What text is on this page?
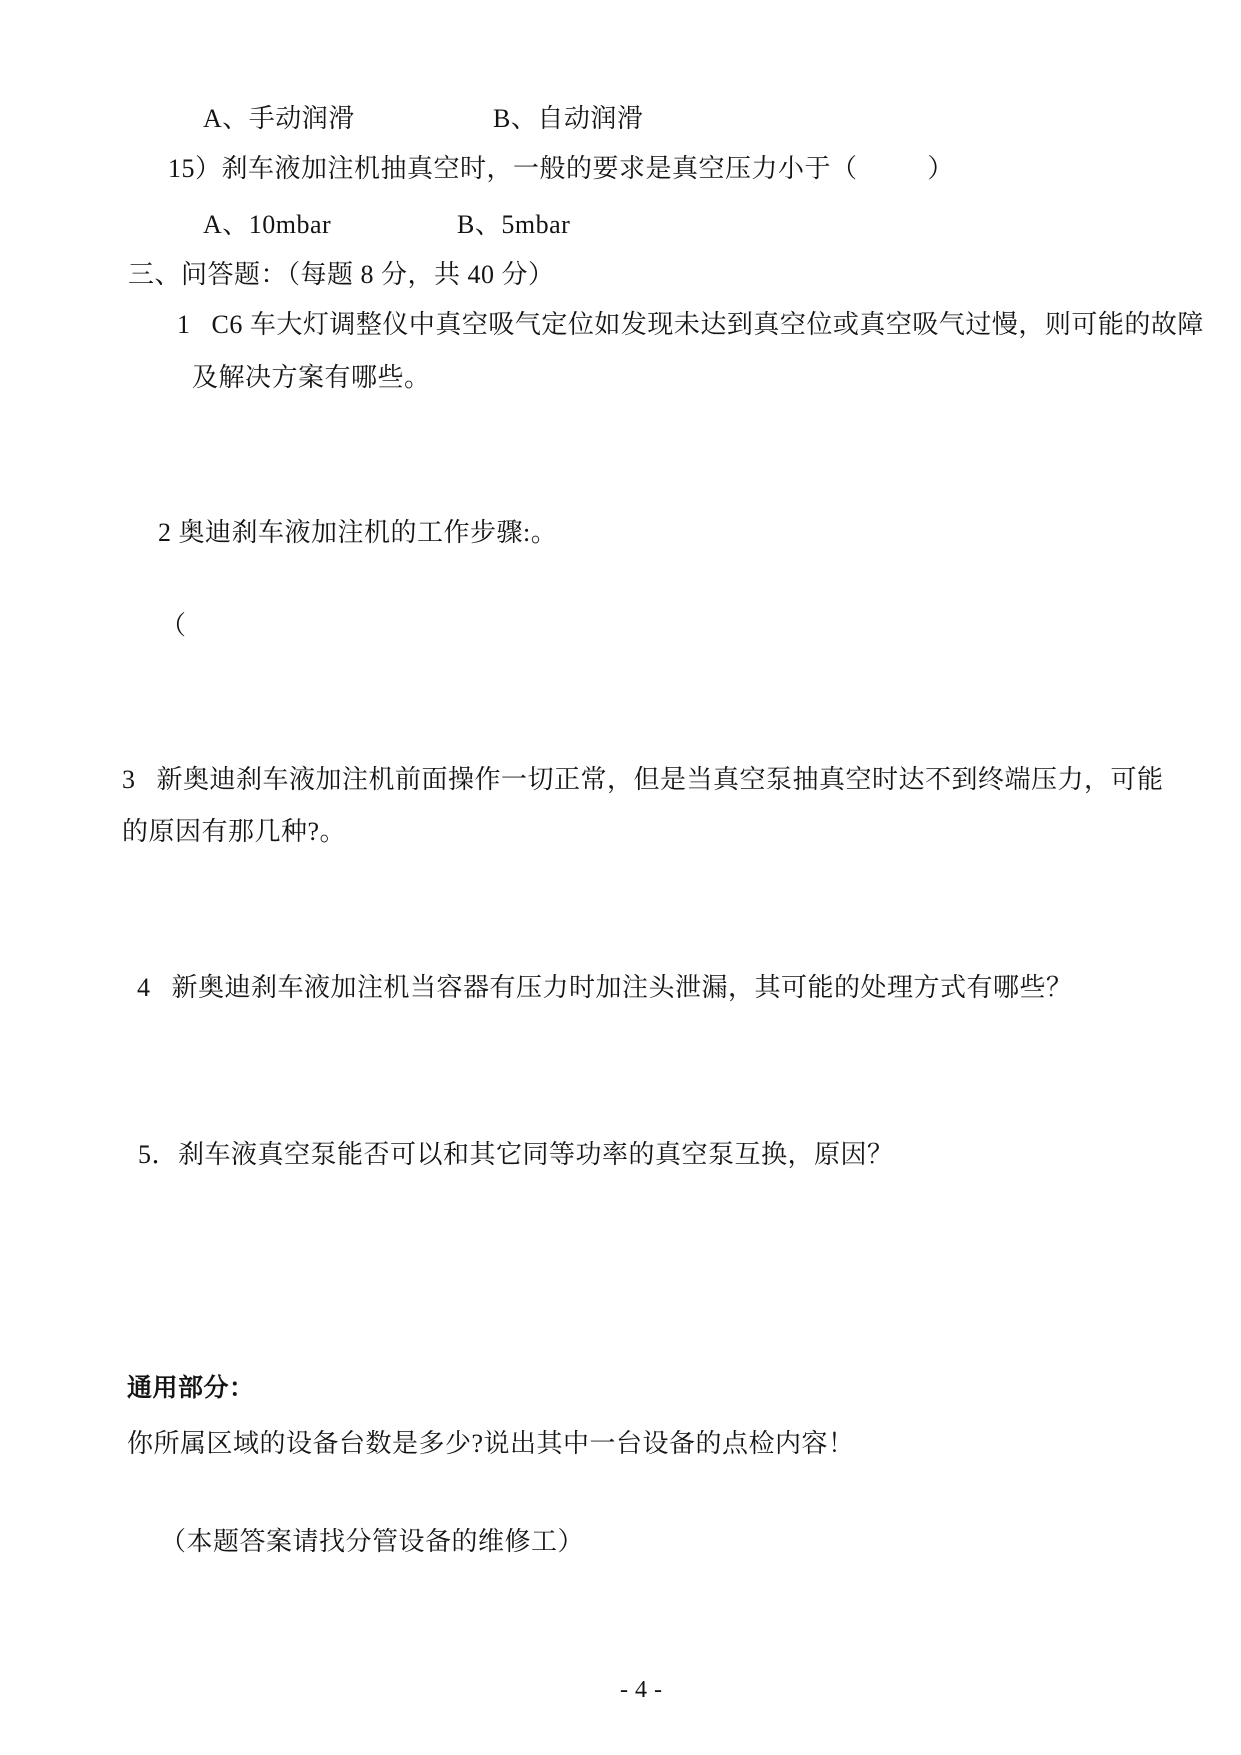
A、手动润滑	B、自动润滑
15）刹车液加注机抽真空时，一般的要求是真空压力小于（          ）
A、10mbar	B、5mbar
三、问答题：（每题 8 分，共 40 分）
1   C6 车大灯调整仪中真空吸气定位如发现未达到真空位或真空吸气过慢，则可能的故障
及解决方案有哪些。
2 奥迪刹车液加注机的工作步骤:。
（
3   新奥迪刹车液加注机前面操作一切正常，但是当真空泵抽真空时达不到终端压力，可能
的原因有那几种?。
4   新奥迪刹车液加注机当容器有压力时加注头泄漏，其可能的处理方式有哪些？
5．刹车液真空泵能否可以和其它同等功率的真空泵互换，原因？
通用部分：
你所属区域的设备台数是多少?说出其中一台设备的点检内容！
（本题答案请找分管设备的维修工）
- 4 -
